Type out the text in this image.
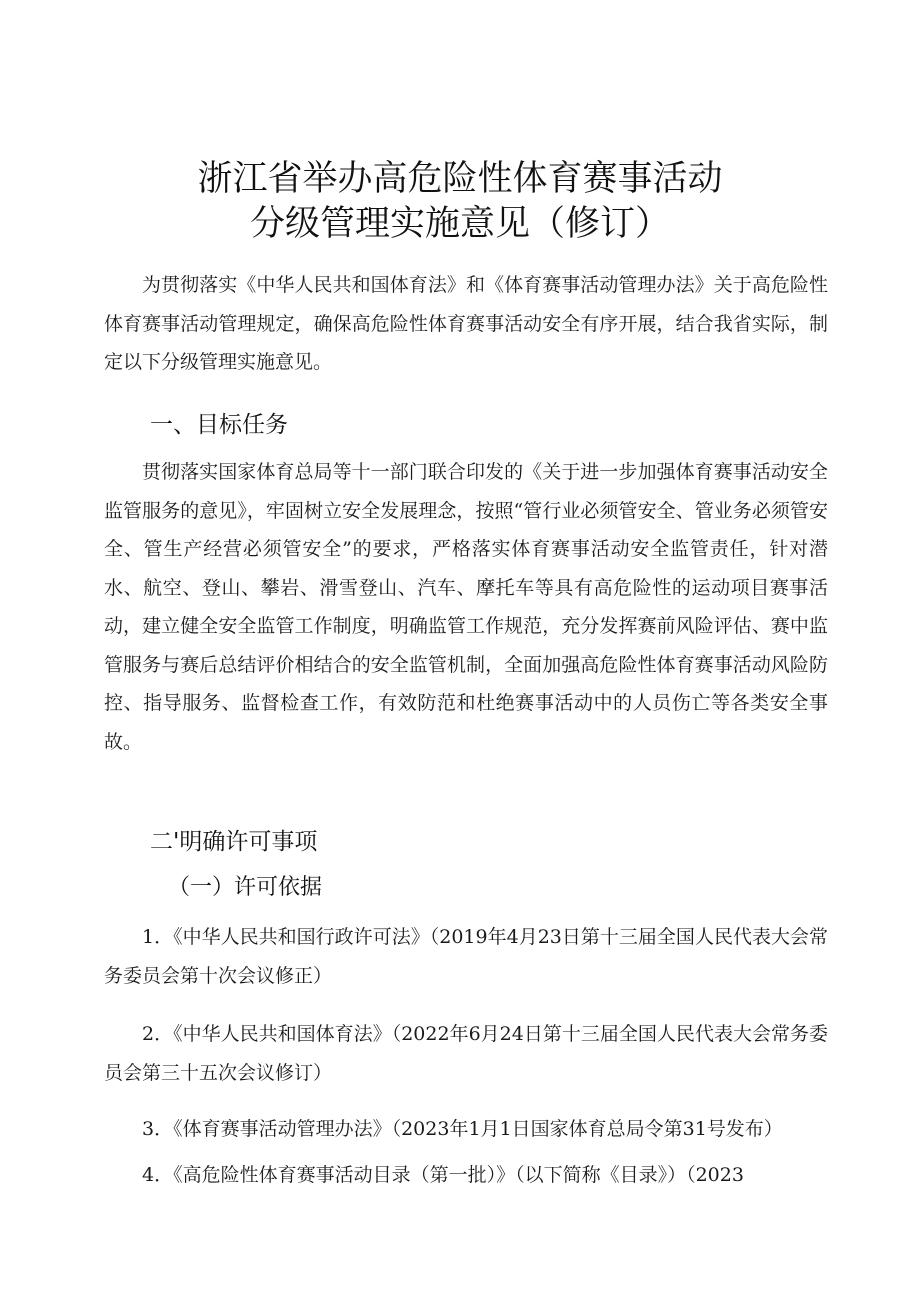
浙江省举办高危险性体育赛事活动
分级管理实施意见（修订）
为贯彻落实《中华人民共和国体育法》和《体育赛事活动管理办法》关于高危险性体育赛事活动管理规定，确保高危险性体育赛事活动安全有序开展，结合我省实际，制定以下分级管理实施意见。
一、目标任务
贯彻落实国家体育总局等十一部门联合印发的《关于进一步加强体育赛事活动安全监管服务的意见》，牢固树立安全发展理念，按照“管行业必须管安全、管业务必须管安全、管生产经营必须管安全”的要求，严格落实体育赛事活动安全监管责任，针对潜水、航空、登山、攀岩、滑雪登山、汽车、摩托车等具有高危险性的运动项目赛事活动，建立健全安全监管工作制度，明确监管工作规范，充分发挥赛前风险评估、赛中监管服务与赛后总结评价相结合的安全监管机制，全面加强高危险性体育赛事活动风险防控、指导服务、监督检查工作，有效防范和杜绝赛事活动中的人员伤亡等各类安全事故。
二'明确许可事项
（一）许可依据
1．《中华人民共和国行政许可法》（2019年4月23日第十三届全国人民代表大会常务委员会第十次会议修正）
2．《中华人民共和国体育法》（2022年6月24日第十三届全国人民代表大会常务委员会第三十五次会议修订）
3．《体育赛事活动管理办法》（2023年1月1日国家体育总局令第31号发布）
4．《高危险性体育赛事活动目录（第一批）》（以下简称《目录》）（2023
